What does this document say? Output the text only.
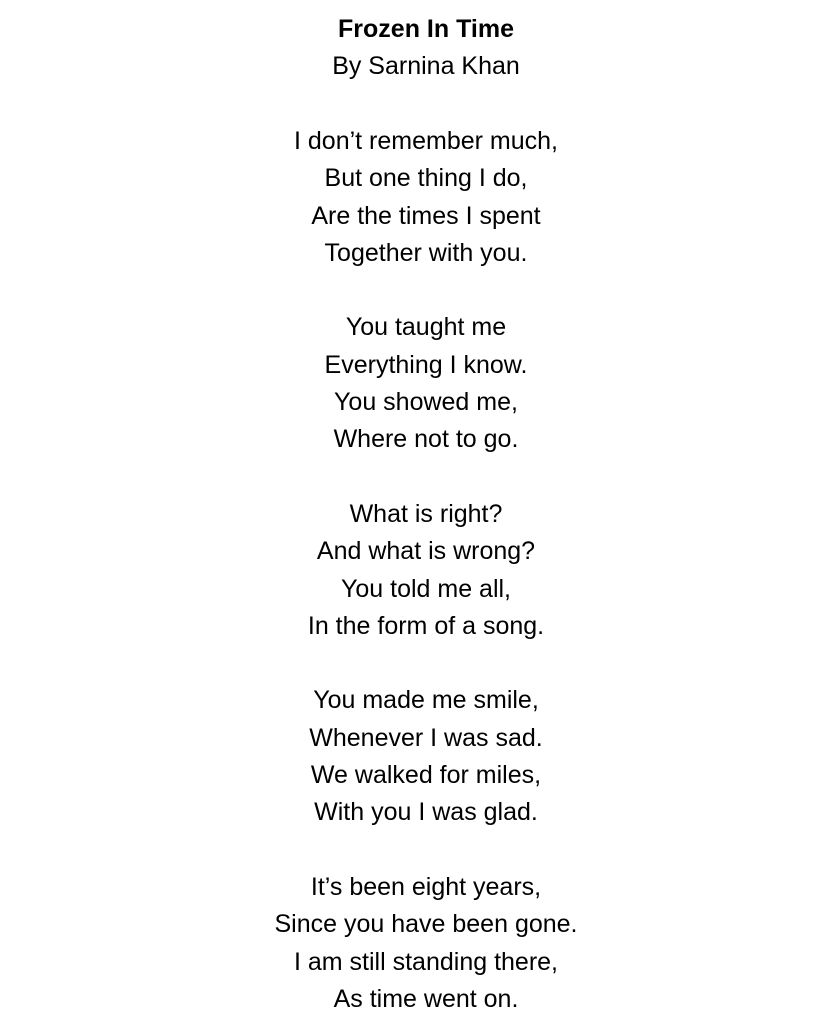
Frozen In Time
By Sarnina Khan
I don’t remember much,
But one thing I do,
Are the times I spent
Together with you.
You taught me
Everything I know.
You showed me,
Where not to go.
What is right?
And what is wrong?
You told me all,
In the form of a song.
You made me smile,
Whenever I was sad.
We walked for miles,
With you I was glad.
It’s been eight years,
Since you have been gone.
I am still standing there,
As time went on.
